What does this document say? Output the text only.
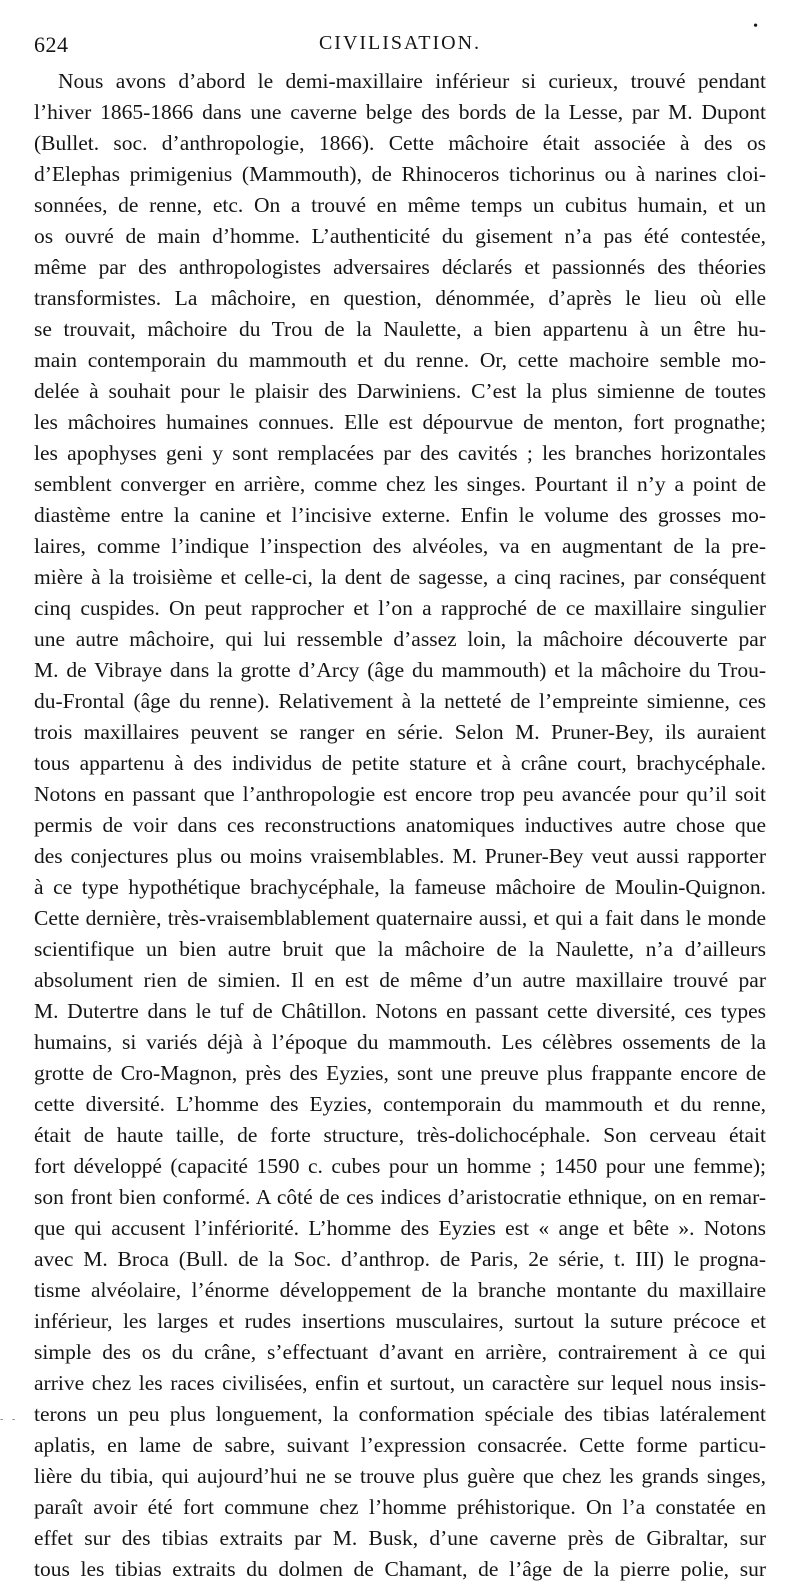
624	CIVILISATION.
•
Nous avons d’abord le demi-maxillaire inférieur si curieux, trouvé pendant
l’hiver 1865-1866 dans une caverne belge des bords de la Lesse, par M. Dupont
(Bullet. soc. d’anthropologie, 1866). Cette mâchoire était associée à des os
d’Elephas primigenius (Mammouth), de Rhinoceros tichorinus ou à narines cloi-
sonnées, de renne, etc. On a trouvé en même temps un cubitus humain, et un
os ouvré de main d’homme. L’authenticité du gisement n’a pas été contestée,
même par des anthropologistes adversaires déclarés et passionnés des théories
transformistes. La mâchoire, en question, dénommée, d’après le lieu où elle
se trouvait, mâchoire du Trou de la Naulette, a bien appartenu à un être hu-
main contemporain du mammouth et du renne. Or, cette machoire semble mo-
delée à souhait pour le plaisir des Darwiniens. C’est la plus simienne de toutes
les mâchoires humaines connues. Elle est dépourvue de menton, fort prognathe;
les apophyses geni y sont remplacées par des cavités ; les branches horizontales
semblent converger en arrière, comme chez les singes. Pourtant il n’y a point de
diastème entre la canine et l’incisive externe. Enfin le volume des grosses mo-
laires, comme l’indique l’inspection des alvéoles, va en augmentant de la pre-
mière à la troisième et celle-ci, la dent de sagesse, a cinq racines, par conséquent
cinq cuspides. On peut rapprocher et l’on a rapproché de ce maxillaire singulier
une autre mâchoire, qui lui ressemble d’assez loin, la mâchoire découverte par
M. de Vibraye dans la grotte d’Arcy (âge du mammouth) et la mâchoire du Trou-
du-Frontal (âge du renne). Relativement à la netteté de l’empreinte simienne, ces
trois maxillaires peuvent se ranger en série. Selon M. Pruner-Bey, ils auraient
tous appartenu à des individus de petite stature et à crâne court, brachycéphale.
Notons en passant que l’anthropologie est encore trop peu avancée pour qu’il soit
permis de voir dans ces reconstructions anatomiques inductives autre chose que
des conjectures plus ou moins vraisemblables. M. Pruner-Bey veut aussi rapporter
à ce type hypothétique brachycéphale, la fameuse mâchoire de Moulin-Quignon.
Cette dernière, très-vraisemblablement quaternaire aussi, et qui a fait dans le monde
scientifique un bien autre bruit que la mâchoire de la Naulette, n’a d’ailleurs
absolument rien de simien. Il en est de même d’un autre maxillaire trouvé par
M. Dutertre dans le tuf de Châtillon. Notons en passant cette diversité, ces types
humains, si variés déjà à l’époque du mammouth. Les célèbres ossements de la
grotte de Cro-Magnon, près des Eyzies, sont une preuve plus frappante encore de
cette diversité. L’homme des Eyzies, contemporain du mammouth et du renne,
était de haute taille, de forte structure, très-dolichocéphale. Son cerveau était
fort développé (capacité 1590 c. cubes pour un homme ; 1450 pour une femme);
son front bien conformé. A côté de ces indices d’aristocratie ethnique, on en remar-
que qui accusent l’infériorité. L’homme des Eyzies est « ange et bête ». Notons
avec M. Broca (Bull. de la Soc. d’anthrop. de Paris, 2e série, t. III) le progna-
tisme alvéolaire, l’énorme développement de la branche montante du maxillaire
inférieur, les larges et rudes insertions musculaires, surtout la suture précoce et
simple des os du crâne, s’effectuant d’avant en arrière, contrairement à ce qui
arrive chez les races civilisées, enfin et surtout, un caractère sur lequel nous insis-
terons un peu plus longuement, la conformation spéciale des tibias latéralement
aplatis, en lame de sabre, suivant l’expression consacrée. Cette forme particu-
lière du tibia, qui aujourd’hui ne se trouve plus guère que chez les grands singes,
paraît avoir été fort commune chez l’homme préhistorique. On l’a constatée en
effet sur des tibias extraits par M. Busk, d’une caverne près de Gibraltar, sur
tous les tibias extraits du dolmen de Chamant, de l’âge de la pierre polie, sur
- -
